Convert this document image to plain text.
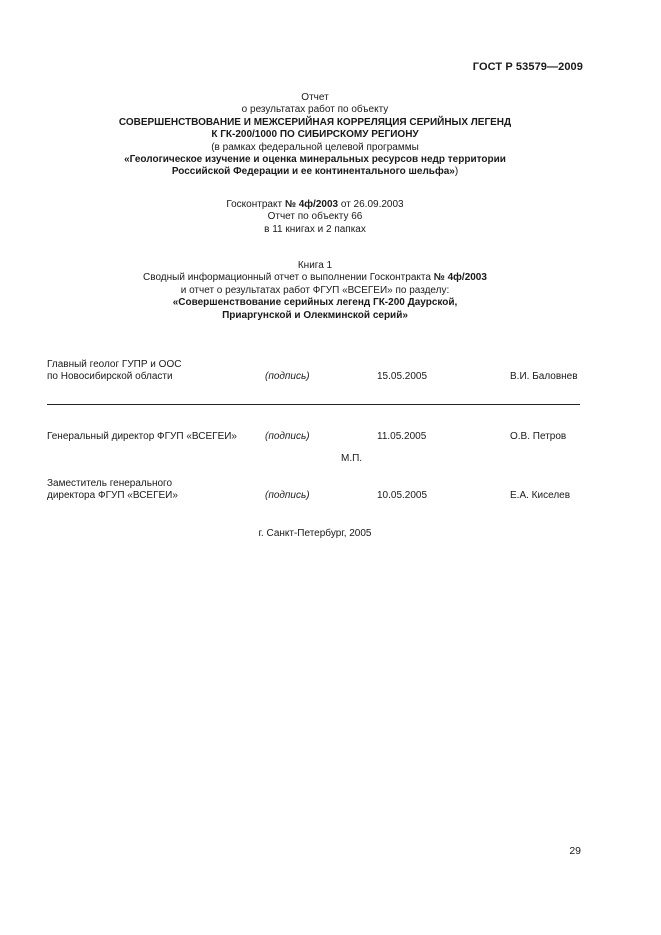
ГОСТ Р 53579—2009
Отчет
о результатах работ по объекту
СОВЕРШЕНСТВОВАНИЕ И МЕЖСЕРИЙНАЯ КОРРЕЛЯЦИЯ СЕРИЙНЫХ ЛЕГЕНД
К ГК-200/1000 ПО СИБИРСКОМУ РЕГИОНУ
(в рамках федеральной целевой программы
«Геологическое изучение и оценка минеральных ресурсов недр территории
Российской Федерации и ее континентального шельфа»)
Госконтракт № 4ф/2003 от 26.09.2003
Отчет по объекту 66
в 11 книгах и 2 папках
Книга 1
Сводный информационный отчет о выполнении Госконтракта № 4ф/2003
и отчет о результатах работ ФГУП «ВСЕГЕИ» по разделу:
«Совершенствование серийных легенд ГК-200 Даурской,
Приаргунской и Олекминской серий»
Главный геолог ГУПР и ООС
по Новосибирской области	(подпись)	15.05.2005	В.И. Баловнев
Генеральный директор ФГУП «ВСЕГЕИ»	(подпись)	11.05.2005	О.В. Петров
М.П.
Заместитель генерального
директора ФГУП «ВСЕГЕИ»	(подпись)	10.05.2005	Е.А. Киселев
г. Санкт-Петербург, 2005
29
